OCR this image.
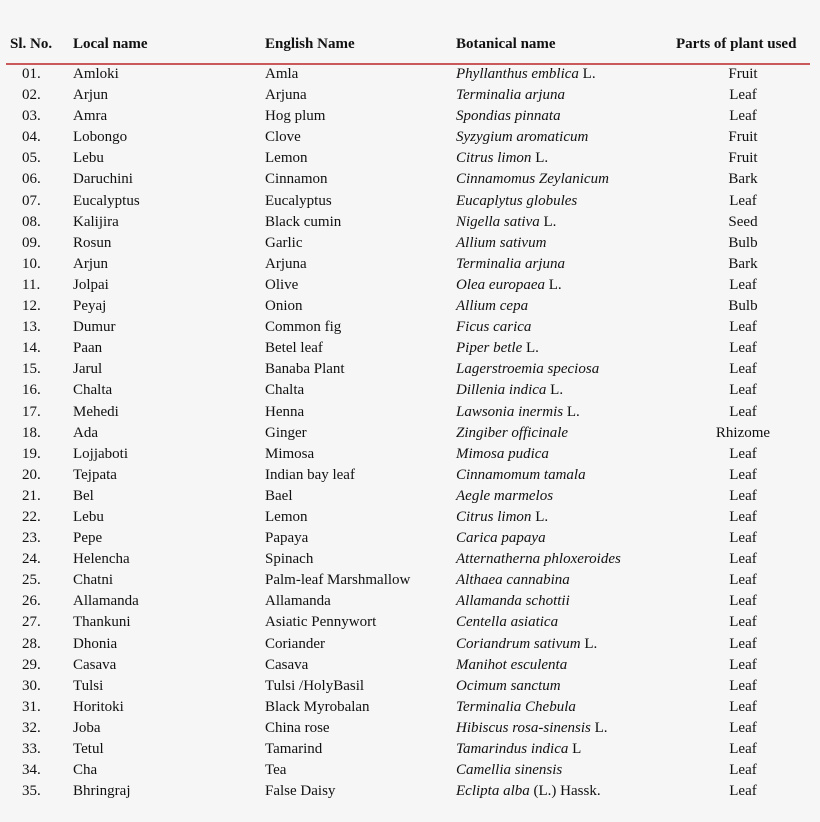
Sl. No. Local name	English Name	Botanical name	Parts of plant used
01. Amloki	Amla	Phyllanthus emblica L.	Fruit
02. Arjun	Arjuna	Terminalia arjuna	Leaf
03. Amra	Hog plum	Spondias pinnata	Leaf
04. Lobongo	Clove	Syzygium aromaticum	Fruit
05. Lebu	Lemon	Citrus limon L.	Fruit
06. Daruchini	Cinnamon	Cinnamomus Zeylanicum	Bark
07. Eucalyptus	Eucalyptus	Eucaplytus globules	Leaf
08. Kalijira	Black cumin	Nigella sativa L.	Seed
09. Rosun	Garlic	Allium sativum	Bulb
10. Arjun	Arjuna	Terminalia arjuna	Bark
11. Jolpai	Olive	Olea europaea L.	Leaf
12. Peyaj	Onion	Allium cepa	Bulb
13. Dumur	Common fig	Ficus carica	Leaf
14. Paan	Betel leaf	Piper betle L.	Leaf
15. Jarul	Banaba Plant	Lagerstroemia speciosa	Leaf
16. Chalta	Chalta	Dillenia indica L.	Leaf
17. Mehedi	Henna	Lawsonia inermis L.	Leaf
18. Ada	Ginger	Zingiber officinale	Rhizome
19. Lojjaboti	Mimosa	Mimosa pudica	Leaf
20. Tejpata	Indian bay leaf	Cinnamomum tamala	Leaf
21. Bel	Bael	Aegle marmelos	Leaf
22. Lebu	Lemon	Citrus limon L.	Leaf
23. Pepe	Papaya	Carica papaya	Leaf
24. Helencha	Spinach	Atternatherna phloxeroides	Leaf
25. Chatni	Palm-leaf Marshmallow	Althaea cannabina	Leaf
26. Allamanda	Allamanda	Allamanda schottii	Leaf
27. Thankuni	Asiatic Pennywort	Centella asiatica	Leaf
28. Dhonia	Coriander	Coriandrum sativum L.	Leaf
29. Casava	Casava	Manihot esculenta	Leaf
30. Tulsi	Tulsi /HolyBasil	Ocimum sanctum	Leaf
31. Horitoki	Black Myrobalan	Terminalia Chebula	Leaf
32. Joba	China rose	Hibiscus rosa-sinensis L.	Leaf
33. Tetul	Tamarind	Tamarindus indica L	Leaf
34. Cha	Tea	Camellia sinensis	Leaf
35. Bhringraj	False Daisy	Eclipta alba (L.) Hassk.	Leaf
